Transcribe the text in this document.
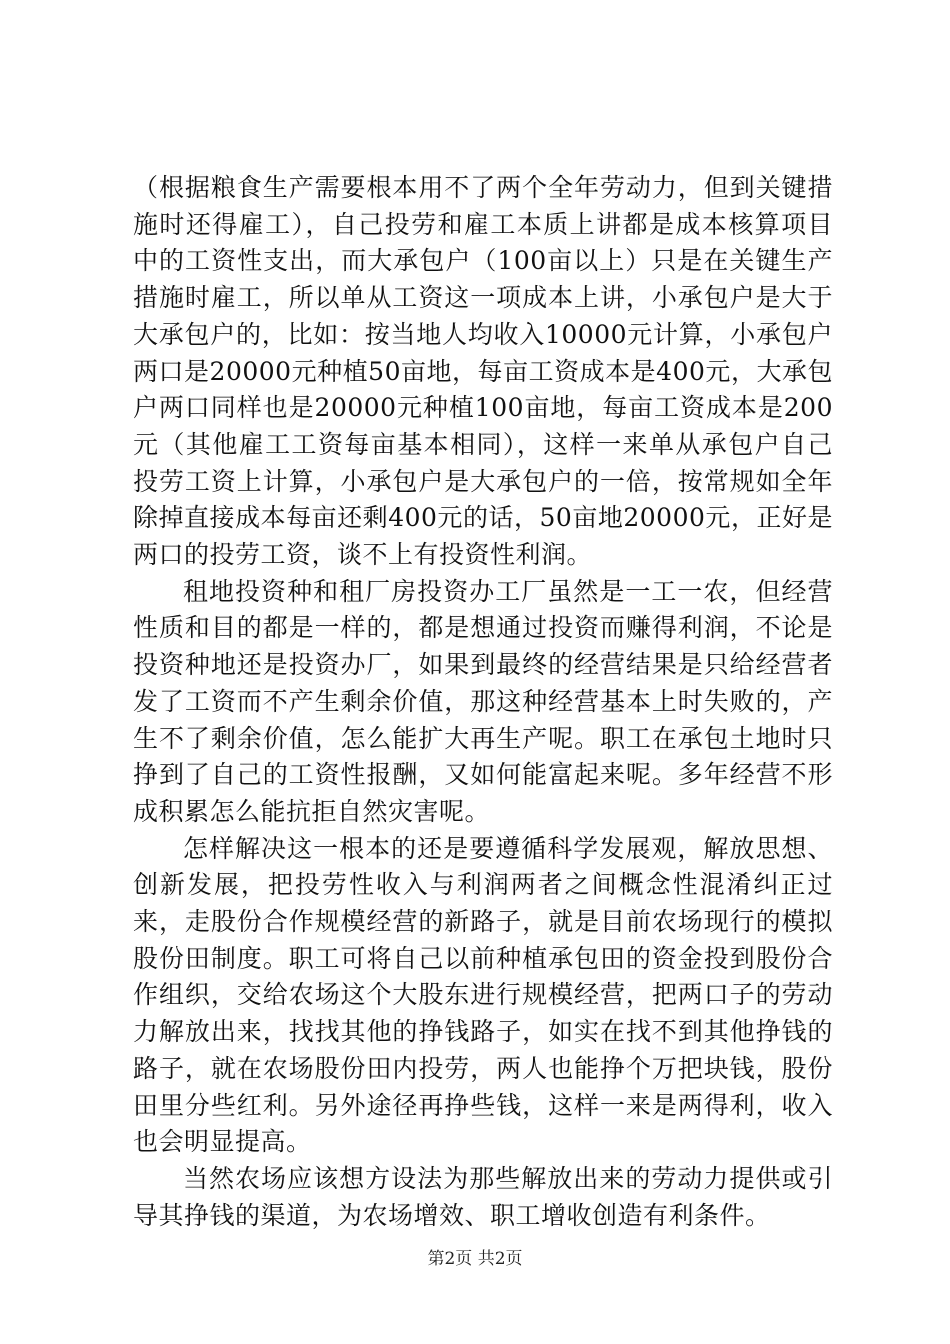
（根据粮食生产需要根本用不了两个全年劳动力，但到关键措施时还得雇工），自己投劳和雇工本质上讲都是成本核算项目中的工资性支出，而大承包户（100亩以上）只是在关键生产措施时雇工，所以单从工资这一项成本上讲，小承包户是大于大承包户的，比如：按当地人均收入10000元计算，小承包户两口是20000元种植50亩地，每亩工资成本是400元，大承包户两口同样也是20000元种植100亩地，每亩工资成本是200元（其他雇工工资每亩基本相同），这样一来单从承包户自己投劳工资上计算，小承包户是大承包户的一倍，按常规如全年除掉直接成本每亩还剩400元的话，50亩地20000元，正好是两口的投劳工资，谈不上有投资性利润。

租地投资种和租厂房投资办工厂虽然是一工一农，但经营性质和目的都是一样的，都是想通过投资而赚得利润，不论是投资种地还是投资办厂，如果到最终的经营结果是只给经营者发了工资而不产生剩余价值，那这种经营基本上时失败的，产生不了剩余价值，怎么能扩大再生产呢。职工在承包土地时只挣到了自己的工资性报酬，又如何能富起来呢。多年经营不形成积累怎么能抗拒自然灾害呢。

怎样解决这一根本的还是要遵循科学发展观，解放思想、创新发展，把投劳性收入与利润两者之间概念性混淆纠正过来，走股份合作规模经营的新路子，就是目前农场现行的模拟股份田制度。职工可将自己以前种植承包田的资金投到股份合作组织，交给农场这个大股东进行规模经营，把两口子的劳动力解放出来，找找其他的挣钱路子，如实在找不到其他挣钱的路子，就在农场股份田内投劳，两人也能挣个万把块钱，股份田里分些红利。另外途径再挣些钱，这样一来是两得利，收入也会明显提高。

当然农场应该想方设法为那些解放出来的劳动力提供或引导其挣钱的渠道，为农场增效、职工增收创造有利条件。

第2页 共2页
